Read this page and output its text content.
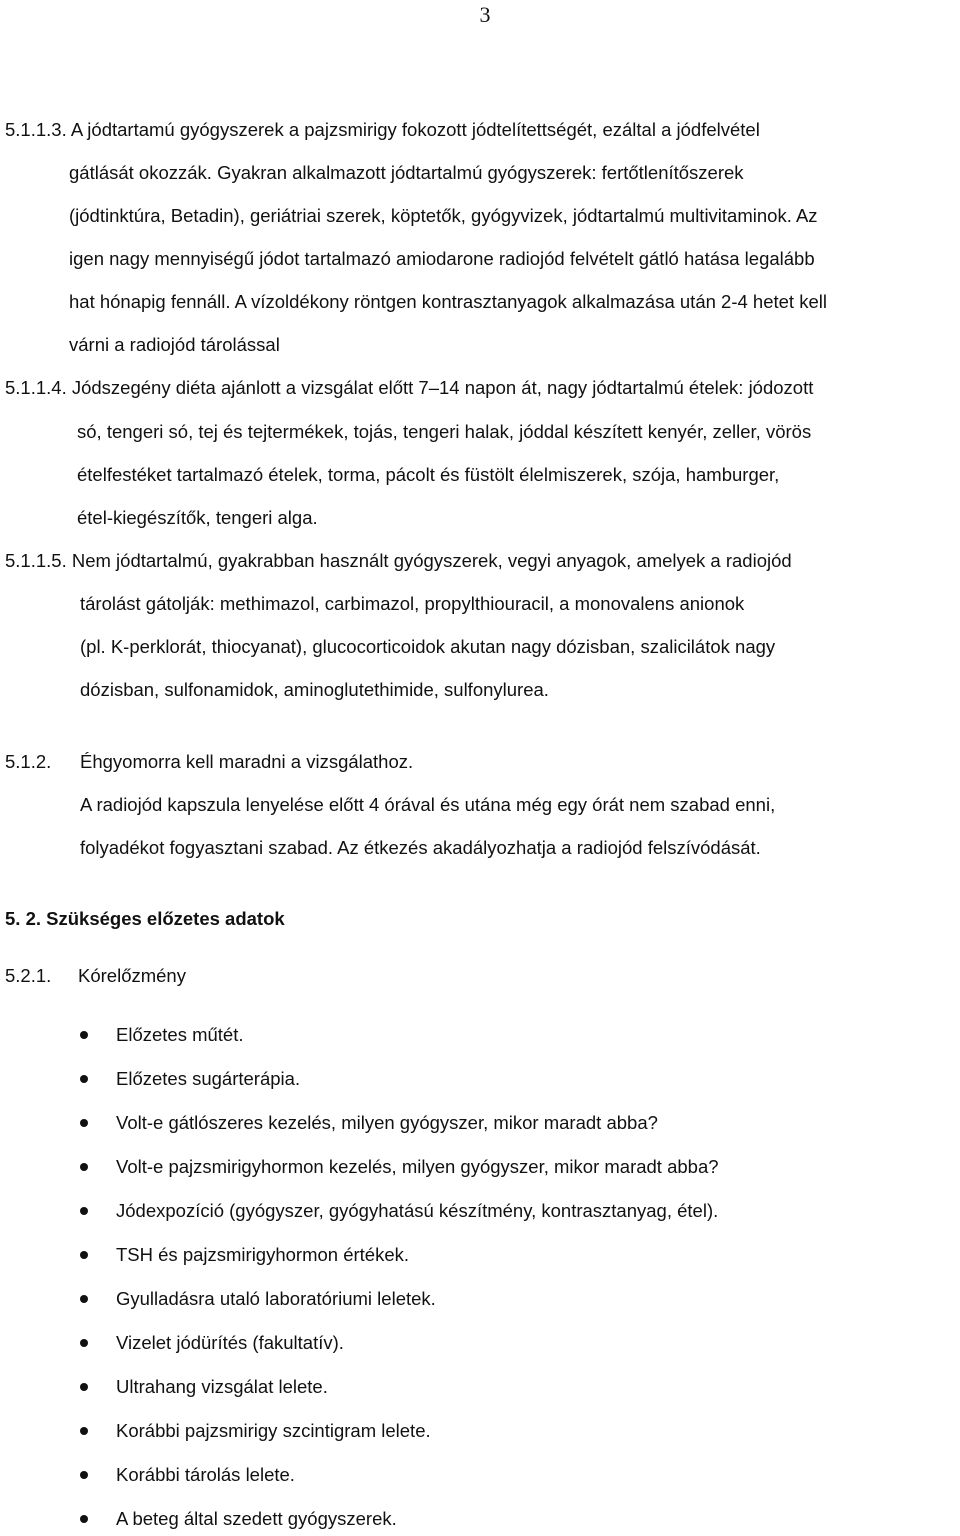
3
5.1.1.3. A jódtartamú gyógyszerek a pajzsmirigy fokozott jódtelítettségét, ezáltal a jódfelvétel
gátlását okozzák. Gyakran alkalmazott jódtartalmú gyógyszerek: fertőtlenítőszerek
(jódtinktúra, Betadin), geriátriai szerek, köptetők, gyógyvizek, jódtartalmú multivitaminok. Az
igen nagy mennyiségű jódot tartalmazó amiodarone radiojód felvételt gátló hatása legalább
hat hónapig fennáll. A vízoldékony röntgen kontrasztanyagok alkalmazása után 2-4 hetet kell
várni a radiojód tárolással
5.1.1.4. Jódszegény diéta ajánlott a vizsgálat előtt 7–14 napon át, nagy jódtartalmú ételek: jódozott
só, tengeri só, tej és tejtermékek, tojás, tengeri halak, jóddal készített kenyér, zeller, vörös
ételfestéket tartalmazó ételek, torma, pácolt és füstölt élelmiszerek, szója, hamburger,
étel-kiegészítők, tengeri alga.
5.1.1.5. Nem jódtartalmú, gyakrabban használt gyógyszerek, vegyi anyagok, amelyek a radiojód
tárolást gátolják: methimazol, carbimazol, propylthiouracil, a monovalens anionok
(pl. K-perklorát, thiocyanat), glucocorticoidok akutan nagy dózisban, szalicilátok nagy
dózisban, sulfonamidok, aminoglutethimide, sulfonylurea.
5.1.2. Éhgyomorra kell maradni a vizsgálathoz.
A radiojód kapszula lenyelése előtt 4 órával és utána még egy órát nem szabad enni,
folyadékot fogyasztani szabad. Az étkezés akadályozhatja a radiojód felszívódását.
5. 2. Szükséges előzetes adatok
5.2.1. Kórelőzmény
Előzetes műtét.
Előzetes sugárterápia.
Volt-e gátlószeres kezelés, milyen gyógyszer, mikor maradt abba?
Volt-e pajzsmirigyhormon kezelés, milyen gyógyszer, mikor maradt abba?
Jódexpozíció (gyógyszer, gyógyhatású készítmény, kontrasztanyag, étel).
TSH és pajzsmirigyhormon értékek.
Gyulladásra utaló laboratóriumi leletek.
Vizelet jódürítés (fakultatív).
Ultrahang vizsgálat lelete.
Korábbi pajzsmirigy szcintigram lelete.
Korábbi tárolás lelete.
A beteg által szedett gyógyszerek.
